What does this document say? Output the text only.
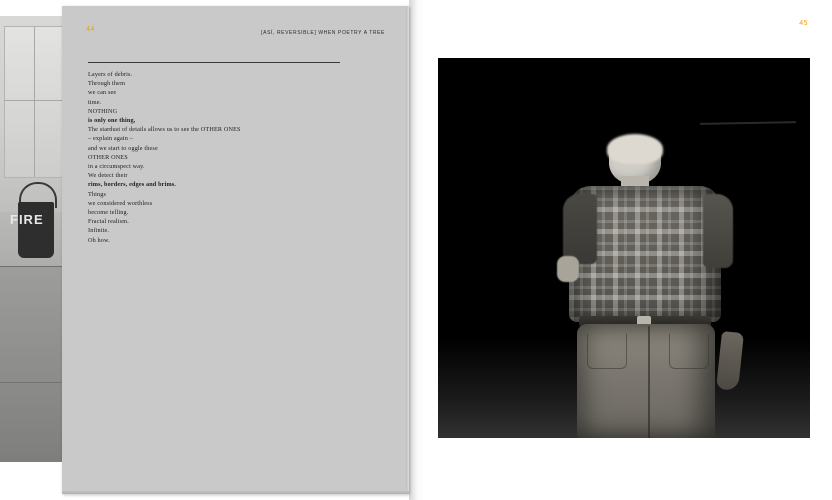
FIRE
44	[ASÍ, REVERSIBLE] WHEN POETRY A TREE
Layers of debris.
Through them
we can see
time.
NOTHING
is only one thing,
The stardust of details allows us to see the OTHER ONES
– explain again –
and we start to oggle these
OTHER ONES
in a circumspect way.
We detect their
rims, borders, edges and brims.
Things
we considered worthless
become telling.
Fractal realism.
Infinite.
Oh how.
45
